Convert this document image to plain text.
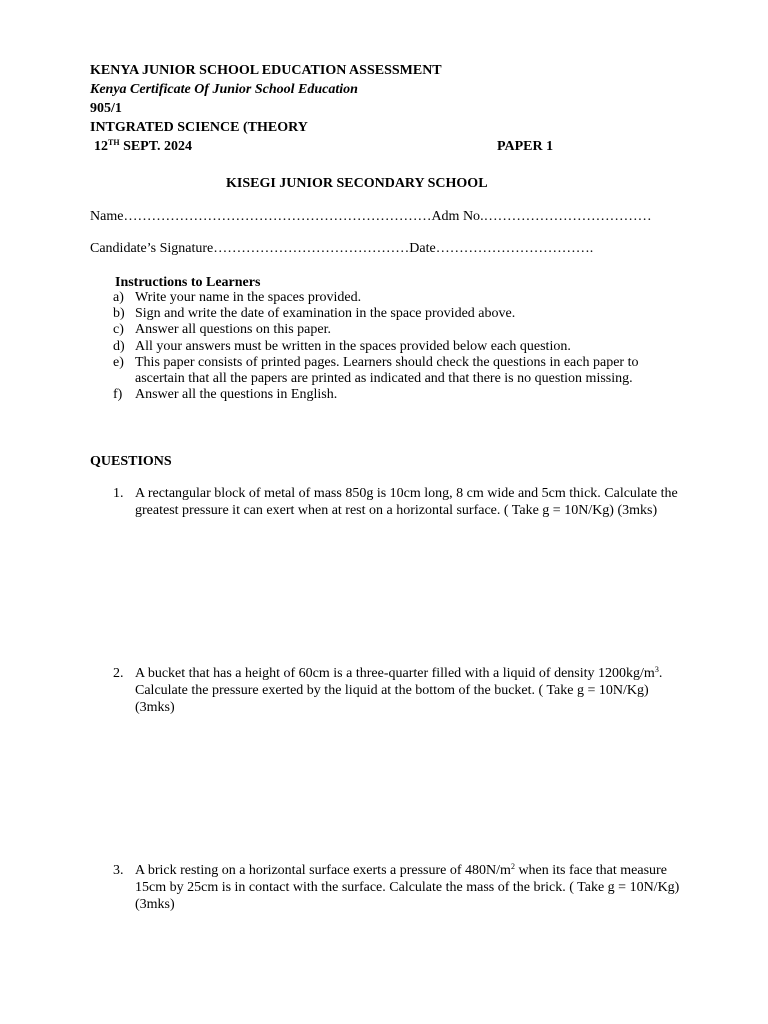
KENYA JUNIOR SCHOOL EDUCATION ASSESSMENT
Kenya Certificate Of Junior School Education
905/1
INTGRATED SCIENCE (THEORY
12TH SEPT. 2024	PAPER 1
KISEGI JUNIOR SECONDARY SCHOOL
Name…………………………………………………………Adm No.………………………………
Candidate’s Signature……………………………………Date…………………………….
Instructions to Learners
a) Write your name in the spaces provided.
b) Sign and write the date of examination in the space provided above.
c) Answer all questions on this paper.
d) All your answers must be written in the spaces provided below each question.
e) This paper consists of printed pages. Learners should check the questions in each paper to
ascertain that all the papers are printed as indicated and that there is no question missing.
f) Answer all the questions in English.
QUESTIONS
1. A rectangular block of metal of mass 850g is 10cm long, 8 cm wide and 5cm thick. Calculate the
greatest pressure it can exert when at rest on a horizontal surface. ( Take g = 10N/Kg) (3mks)
2. A bucket that has a height of 60cm is a three-quarter filled with a liquid of density $1200kg/m^3$.
Calculate the pressure exerted by the liquid at the bottom of the bucket. ( Take g = 10N/Kg)
(3mks)
3. A brick resting on a horizontal surface exerts a pressure of $480N/m^2$ when its face that measure
15cm by 25cm is in contact with the surface. Calculate the mass of the brick. ( Take g = 10N/Kg)
(3mks)
